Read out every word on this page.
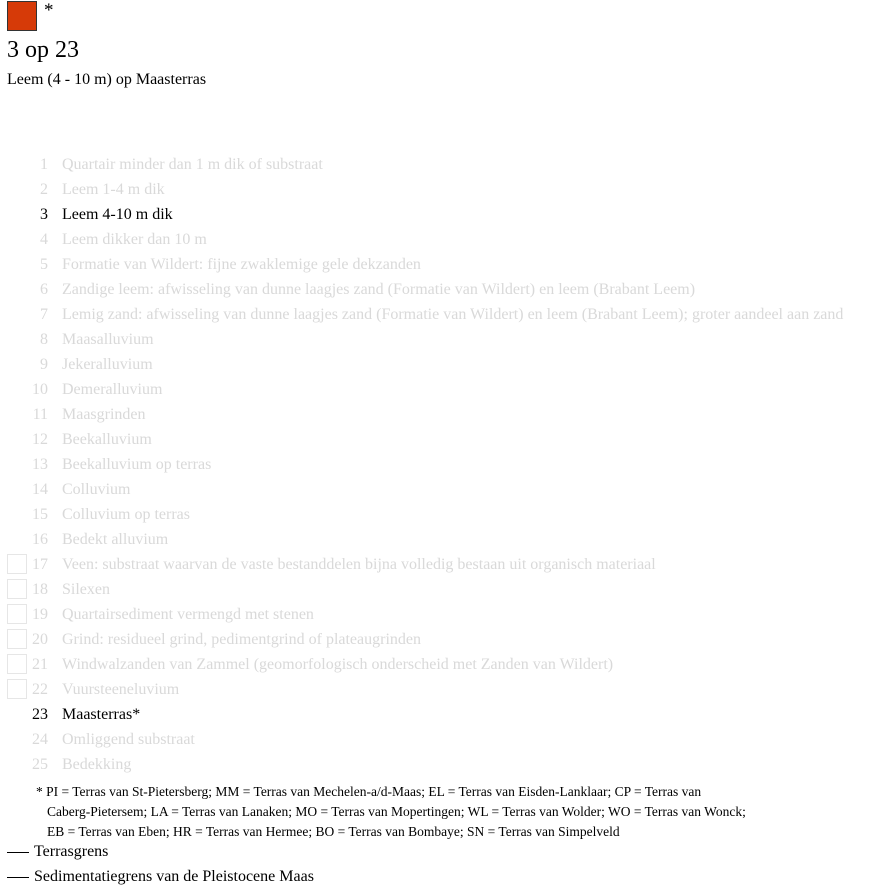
*
3 op 23
Leem (4 - 10 m) op Maasterras
1 Quartair minder dan 1 m dik of substraat
2 Leem 1-4 m dik
3 Leem 4-10 m dik
4 Leem dikker dan 10 m
5 Formatie van Wildert: fijne zwaklemige gele dekzanden
6 Zandige leem: afwisseling van dunne laagjes zand (Formatie van Wildert) en leem (Brabant Leem)
7 Lemig zand: afwisseling van dunne laagjes zand (Formatie van Wildert) en leem (Brabant Leem); groter aandeel aan zand
8 Maasalluvium
9 Jekeralluvium
10 Demeralluvium
11 Maasgrinden
12 Beekalluvium
13 Beekalluvium op terras
14 Colluvium
15 Colluvium op terras
16 Bedekt alluvium
17 Veen: substraat waarvan de vaste bestanddelen bijna volledig bestaan uit organisch materiaal
18 Silexen
19 Quartairsediment vermengd met stenen
20 Grind: residueel grind, pedimentgrind of plateaugrinden
21 Windwalzanden van Zammel (geomorfologisch onderscheid met Zanden van Wildert)
22 Vuursteeneluvium
23 Maasterras*
24 Omliggend substraat
25 Bedekking
* PI = Terras van St-Pietersberg; MM = Terras van Mechelen-a/d-Maas; EL = Terras van Eisden-Lanklaar; CP = Terras van
Caberg-Pietersem; LA = Terras van Lanaken; MO = Terras van Mopertingen; WL = Terras van Wolder; WO = Terras van Wonck;
EB = Terras van Eben; HR = Terras van Hermee; BO = Terras van Bombaye; SN = Terras van Simpelveld
Terrasgrens
Sedimentatiegrens van de Pleistocene Maas
